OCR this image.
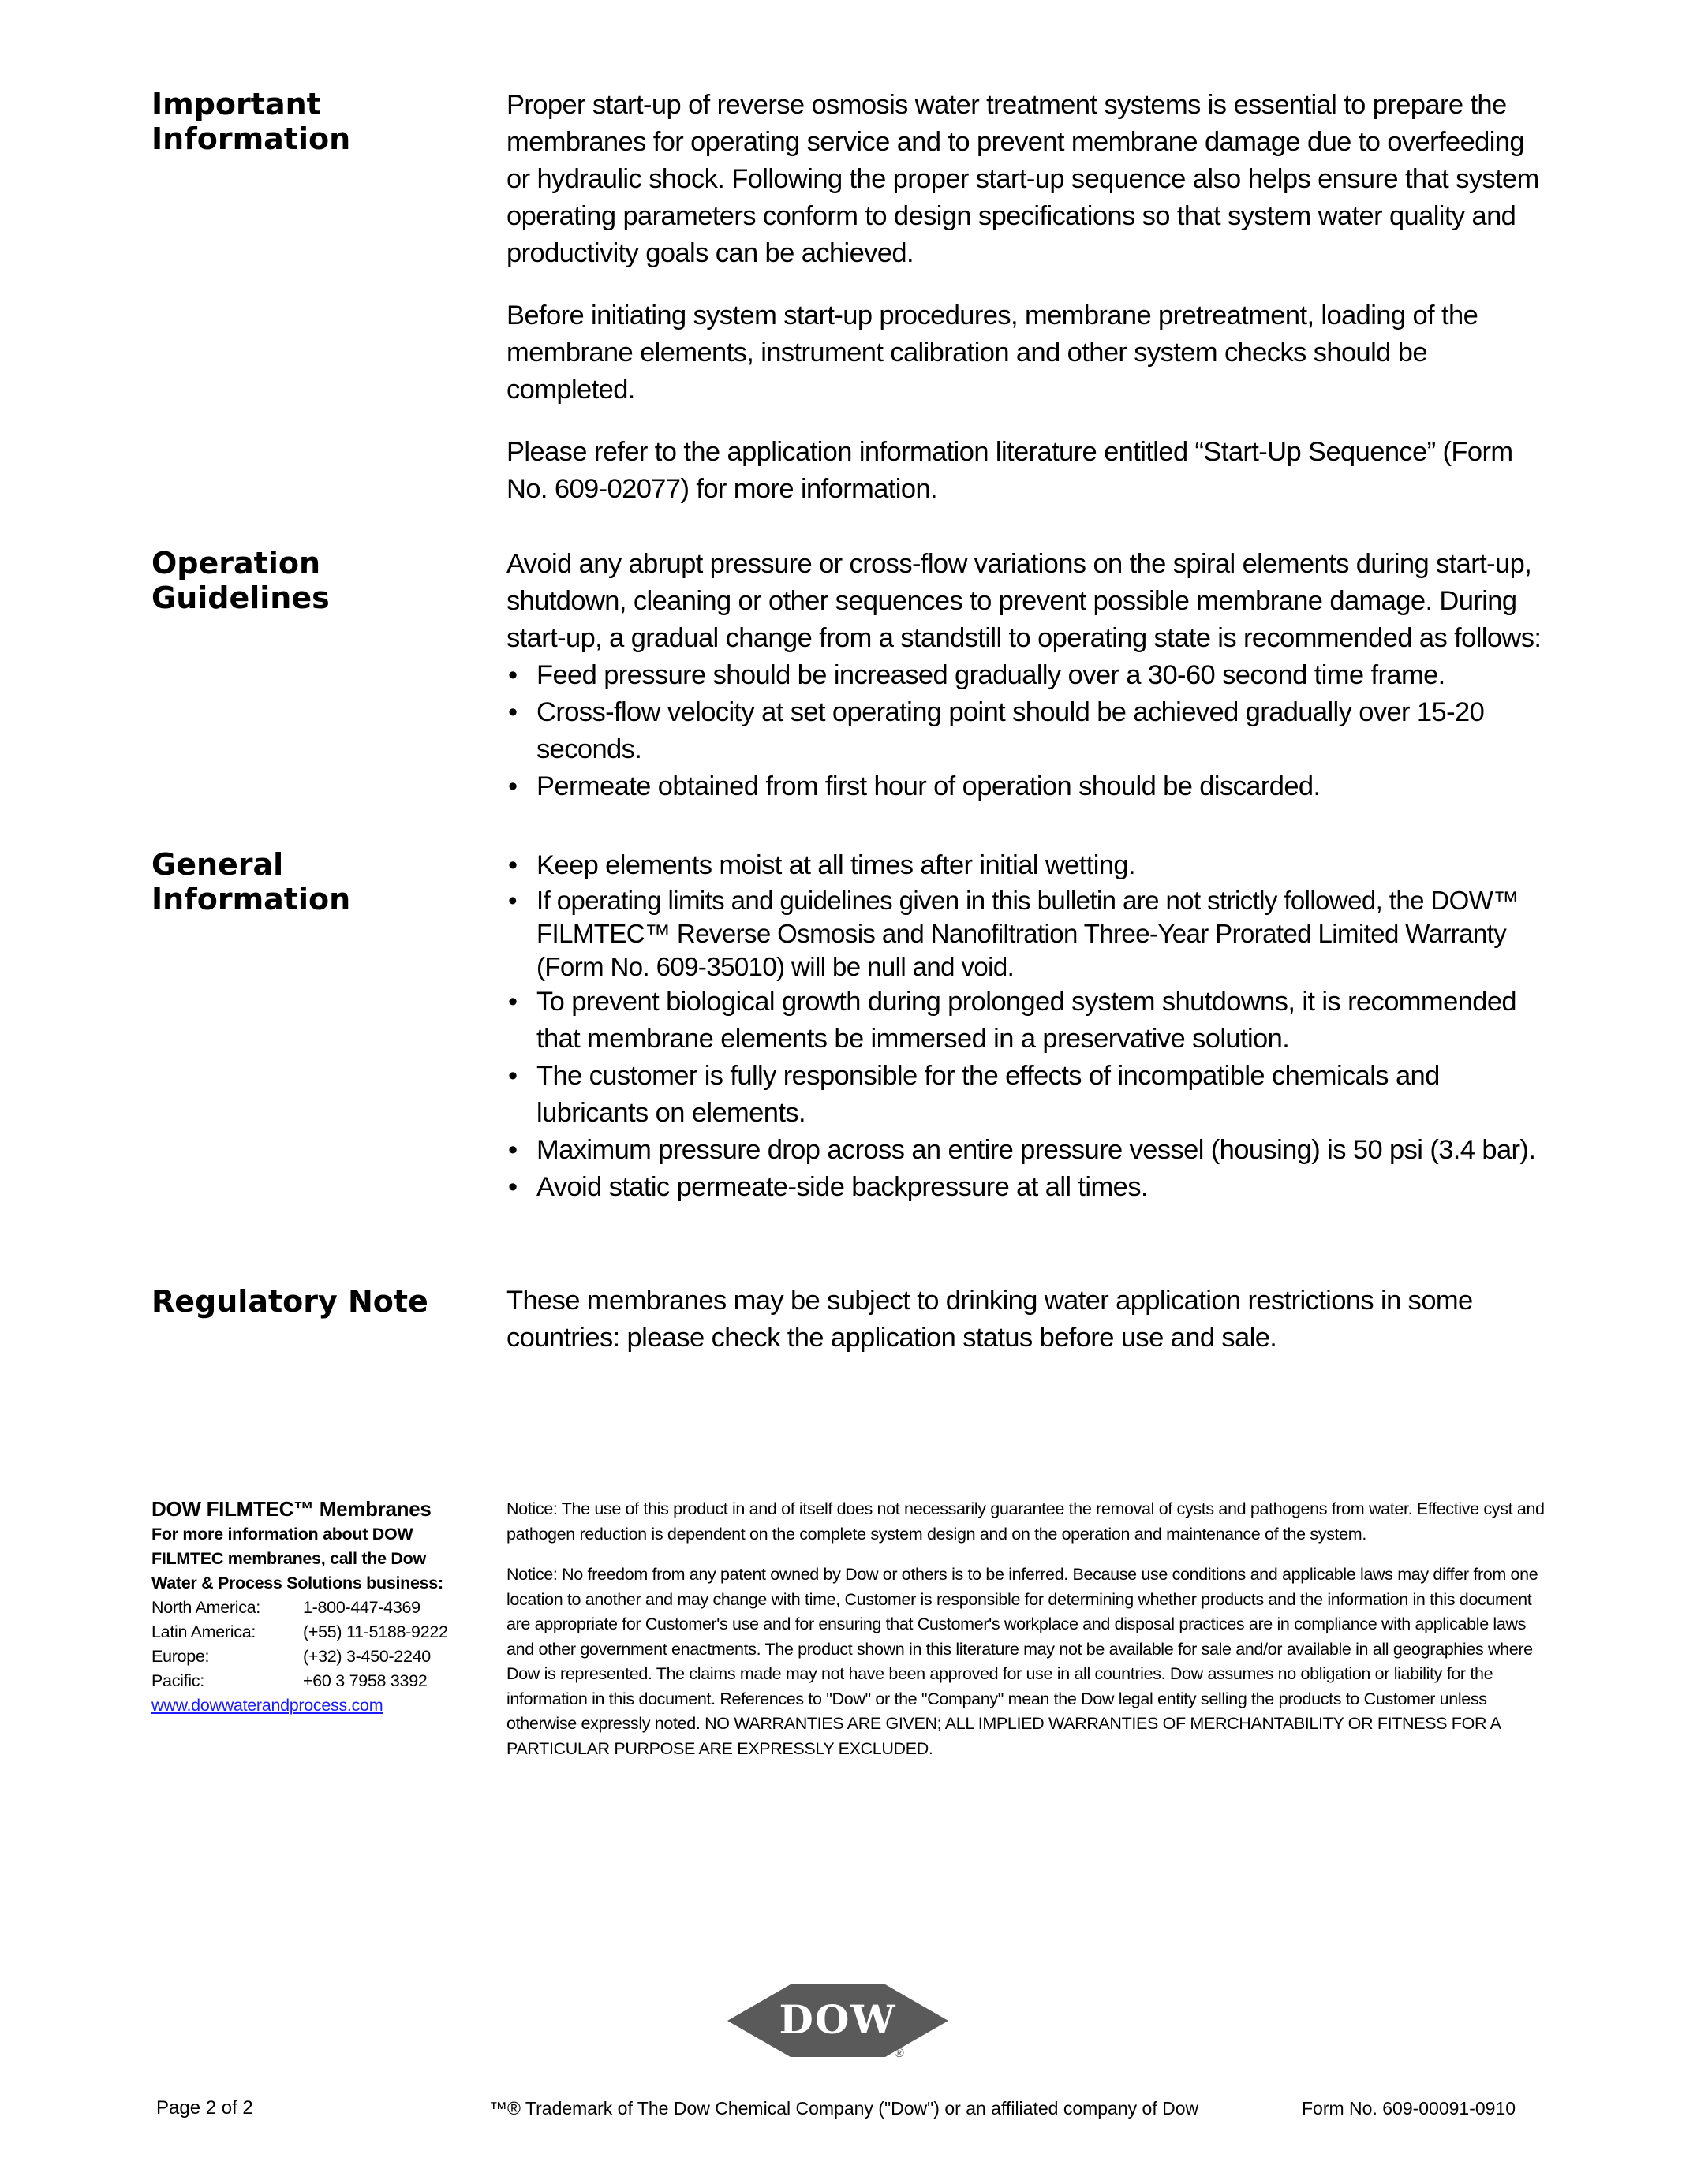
Important
Information

Proper start-up of reverse osmosis water treatment systems is essential to prepare the membranes for operating service and to prevent membrane damage due to overfeeding or hydraulic shock. Following the proper start-up sequence also helps ensure that system operating parameters conform to design specifications so that system water quality and productivity goals can be achieved.

Before initiating system start-up procedures, membrane pretreatment, loading of the membrane elements, instrument calibration and other system checks should be completed.

Please refer to the application information literature entitled “Start-Up Sequence” (Form No. 609-02077) for more information.

Operation
Guidelines
Avoid any abrupt pressure or cross-flow variations on the spiral elements during start-up, shutdown, cleaning or other sequences to prevent possible membrane damage. During start-up, a gradual change from a standstill to operating state is recommended as follows:
• Feed pressure should be increased gradually over a 30-60 second time frame.
• Cross-flow velocity at set operating point should be achieved gradually over 15-20 seconds.
• Permeate obtained from first hour of operation should be discarded.
General
Information
• Keep elements moist at all times after initial wetting.
• If operating limits and guidelines given in this bulletin are not strictly followed, the DOW™ FILMTEC™ Reverse Osmosis and Nanofiltration Three-Year Prorated Limited Warranty (Form No. 609-35010) will be null and void.
• To prevent biological growth during prolonged system shutdowns, it is recommended that membrane elements be immersed in a preservative solution.
• The customer is fully responsible for the effects of incompatible chemicals and lubricants on elements.
• Maximum pressure drop across an entire pressure vessel (housing) is 50 psi (3.4 bar).
• Avoid static permeate-side backpressure at all times.
Regulatory Note	These membranes may be subject to drinking water application restrictions in some countries: please check the application status before use and sale.
DOW FILMTEC™ Membranes
For more information about DOW
FILMTEC membranes, call the Dow
Water & Process Solutions business:
North America:	1-800-447-4369
Latin America:	(+55) 11-5188-9222
Europe:	(+32) 3-450-2240
Pacific:	+60 3 7958 3392
www.dowwaterandprocess.com

Notice: The use of this product in and of itself does not necessarily guarantee the removal of cysts and pathogens from water. Effective cyst and pathogen reduction is dependent on the complete system design and on the operation and maintenance of the system.

Notice: No freedom from any patent owned by Dow or others is to be inferred. Because use conditions and applicable laws may differ from one location to another and may change with time, Customer is responsible for determining whether products and the information in this document are appropriate for Customer's use and for ensuring that Customer's workplace and disposal practices are in compliance with applicable laws and other government enactments. The product shown in this literature may not be available for sale and/or available in all geographies where Dow is represented. The claims made may not have been approved for use in all countries. Dow assumes no obligation or liability for the information in this document. References to "Dow" or the "Company" mean the Dow legal entity selling the products to Customer unless otherwise expressly noted. NO WARRANTIES ARE GIVEN; ALL IMPLIED WARRANTIES OF MERCHANTABILITY OR FITNESS FOR A PARTICULAR PURPOSE ARE EXPRESSLY EXCLUDED.

DOW
®
Page 2 of 2	™® Trademark of The Dow Chemical Company ("Dow") or an affiliated company of Dow	Form No. 609-00091-0910
